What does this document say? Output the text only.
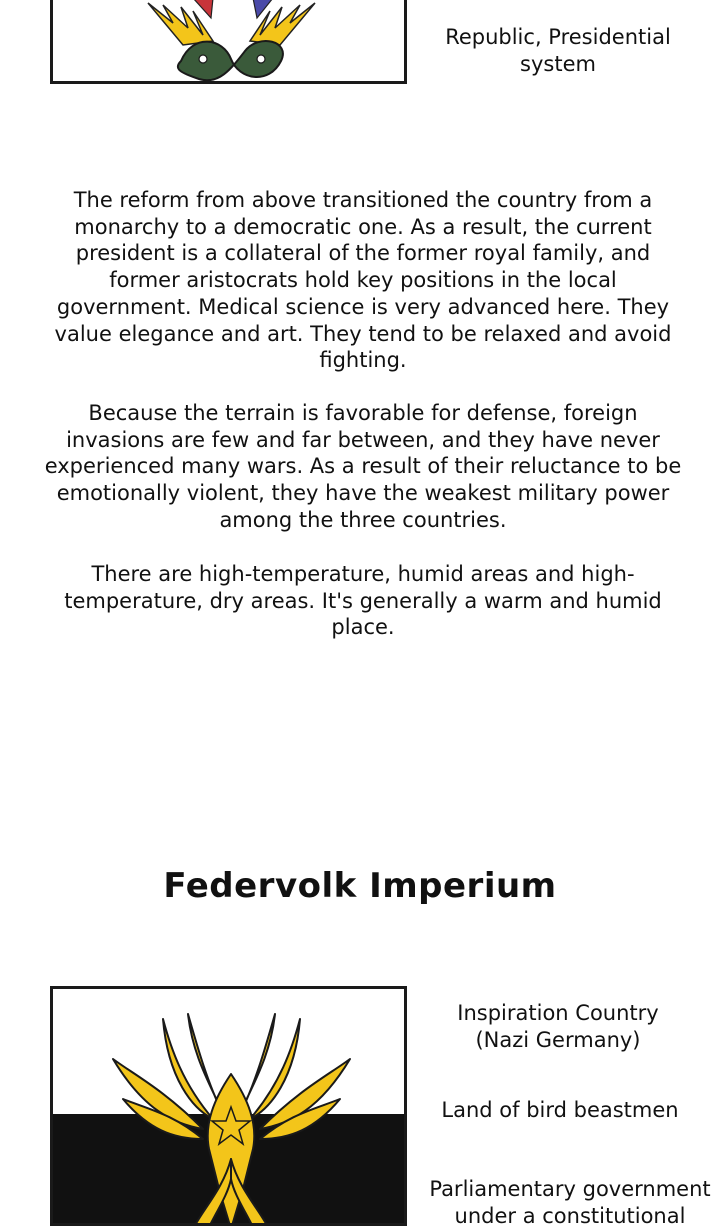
Republic, Presidential system

The reform from above transitioned the country from a monarchy to a democratic one. As a result, the current president is a collateral of the former royal family, and former aristocrats hold key positions in the local government. Medical science is very advanced here. They value elegance and art. They tend to be relaxed and avoid fighting.

Because the terrain is favorable for defense, foreign invasions are few and far between, and they have never experienced many wars. As a result of their reluctance to be emotionally violent, they have the weakest military power among the three countries.

There are high-temperature, humid areas and high-temperature, dry areas. It's generally a warm and humid place.

Federvolk Imperium
Inspiration Country (Nazi Germany)
Land of bird beastmen
Parliamentary government under a constitutional
